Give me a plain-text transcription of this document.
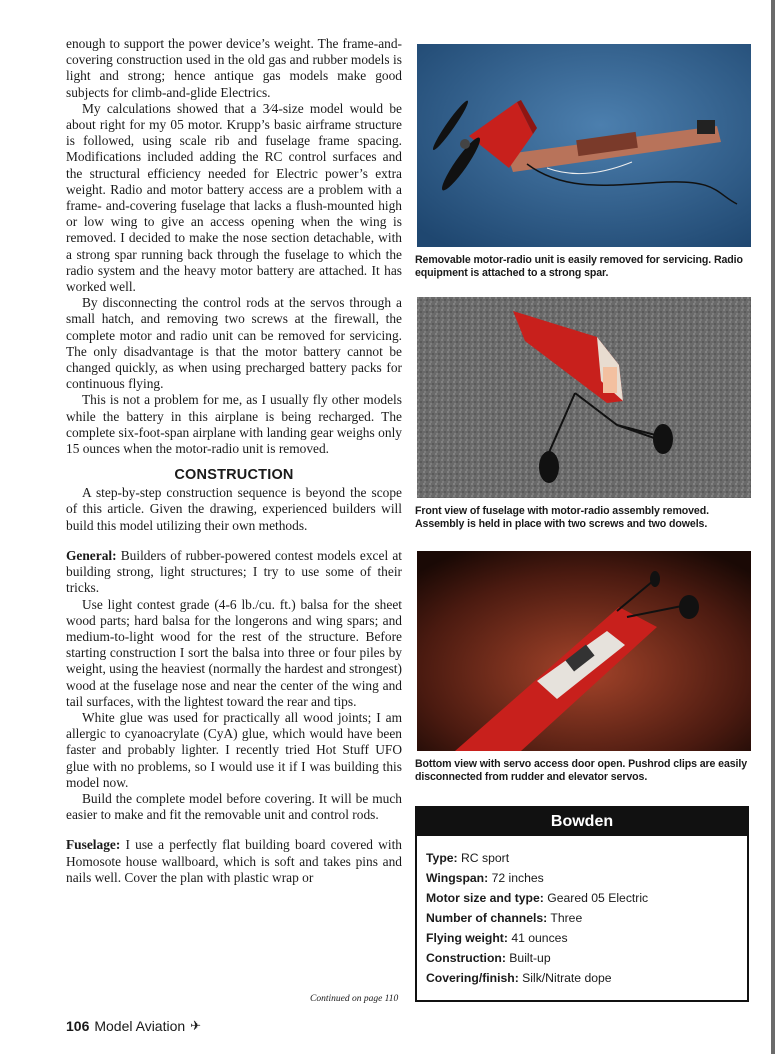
enough to support the power device’s weight. The frame-and-covering construction used in the old gas and rubber models is light and strong; hence antique gas models make good subjects for climb-and-glide Electrics.

My calculations showed that a 3⁄4-size model would be about right for my 05 motor. Krupp’s basic airframe structure is followed, using scale rib and fuselage frame spacing. Modifications included adding the RC control surfaces and the structural efficiency needed for Electric power’s extra weight. Radio and motor battery access are a problem with a frame- and-covering fuselage that lacks a flush-mounted high or low wing to give an access opening when the wing is removed. I decided to make the nose section detachable, with a strong spar running back through the fuselage to which the radio system and the heavy motor battery are attached. It has worked well.

By disconnecting the control rods at the servos through a small hatch, and removing two screws at the firewall, the complete motor and radio unit can be removed for servicing. The only disadvantage is that the motor battery cannot be changed quickly, as when using precharged battery packs for continuous flying.

This is not a problem for me, as I usually fly other models while the battery in this airplane is being recharged. The complete six-foot-span airplane with landing gear weighs only 15 ounces when the motor-radio unit is removed.

CONSTRUCTION

A step-by-step construction sequence is beyond the scope of this article. Given the drawing, experienced builders will build this model utilizing their own methods.

General: Builders of rubber-powered contest models excel at building strong, light structures; I try to use some of their tricks.

Use light contest grade (4-6 lb./cu. ft.) balsa for the sheet wood parts; hard balsa for the longerons and wing spars; and medium-to-light wood for the rest of the structure. Before starting construction I sort the balsa into three or four piles by weight, using the heaviest (normally the hardest and strongest) wood at the fuselage nose and near the center of the wing and tail surfaces, with the lightest toward the rear and tips.

White glue was used for practically all wood joints; I am allergic to cyanoacrylate (CyA) glue, which would have been faster and probably lighter. I recently tried Hot Stuff UFO glue with no problems, so I would use it if I was building this model now.

Build the complete model before covering. It will be much easier to make and fit the removable unit and control rods.

Fuselage: I use a perfectly flat building board covered with Homosote house wallboard, which is soft and takes pins and nails well. Cover the plan with plastic wrap or

Continued on page 110
106 Model Aviation ✈
Removable motor-radio unit is easily removed for servicing. Radio equipment is attached to a strong spar.
Front view of fuselage with motor-radio assembly removed. Assembly is held in place with two screws and two dowels.
Bottom view with servo access door open. Pushrod clips are easily disconnected from rudder and elevator servos.
Bowden
Type: RC sport
Wingspan: 72 inches
Motor size and type: Geared 05 Electric
Number of channels: Three
Flying weight: 41 ounces
Construction: Built-up
Covering/finish: Silk/Nitrate dope
